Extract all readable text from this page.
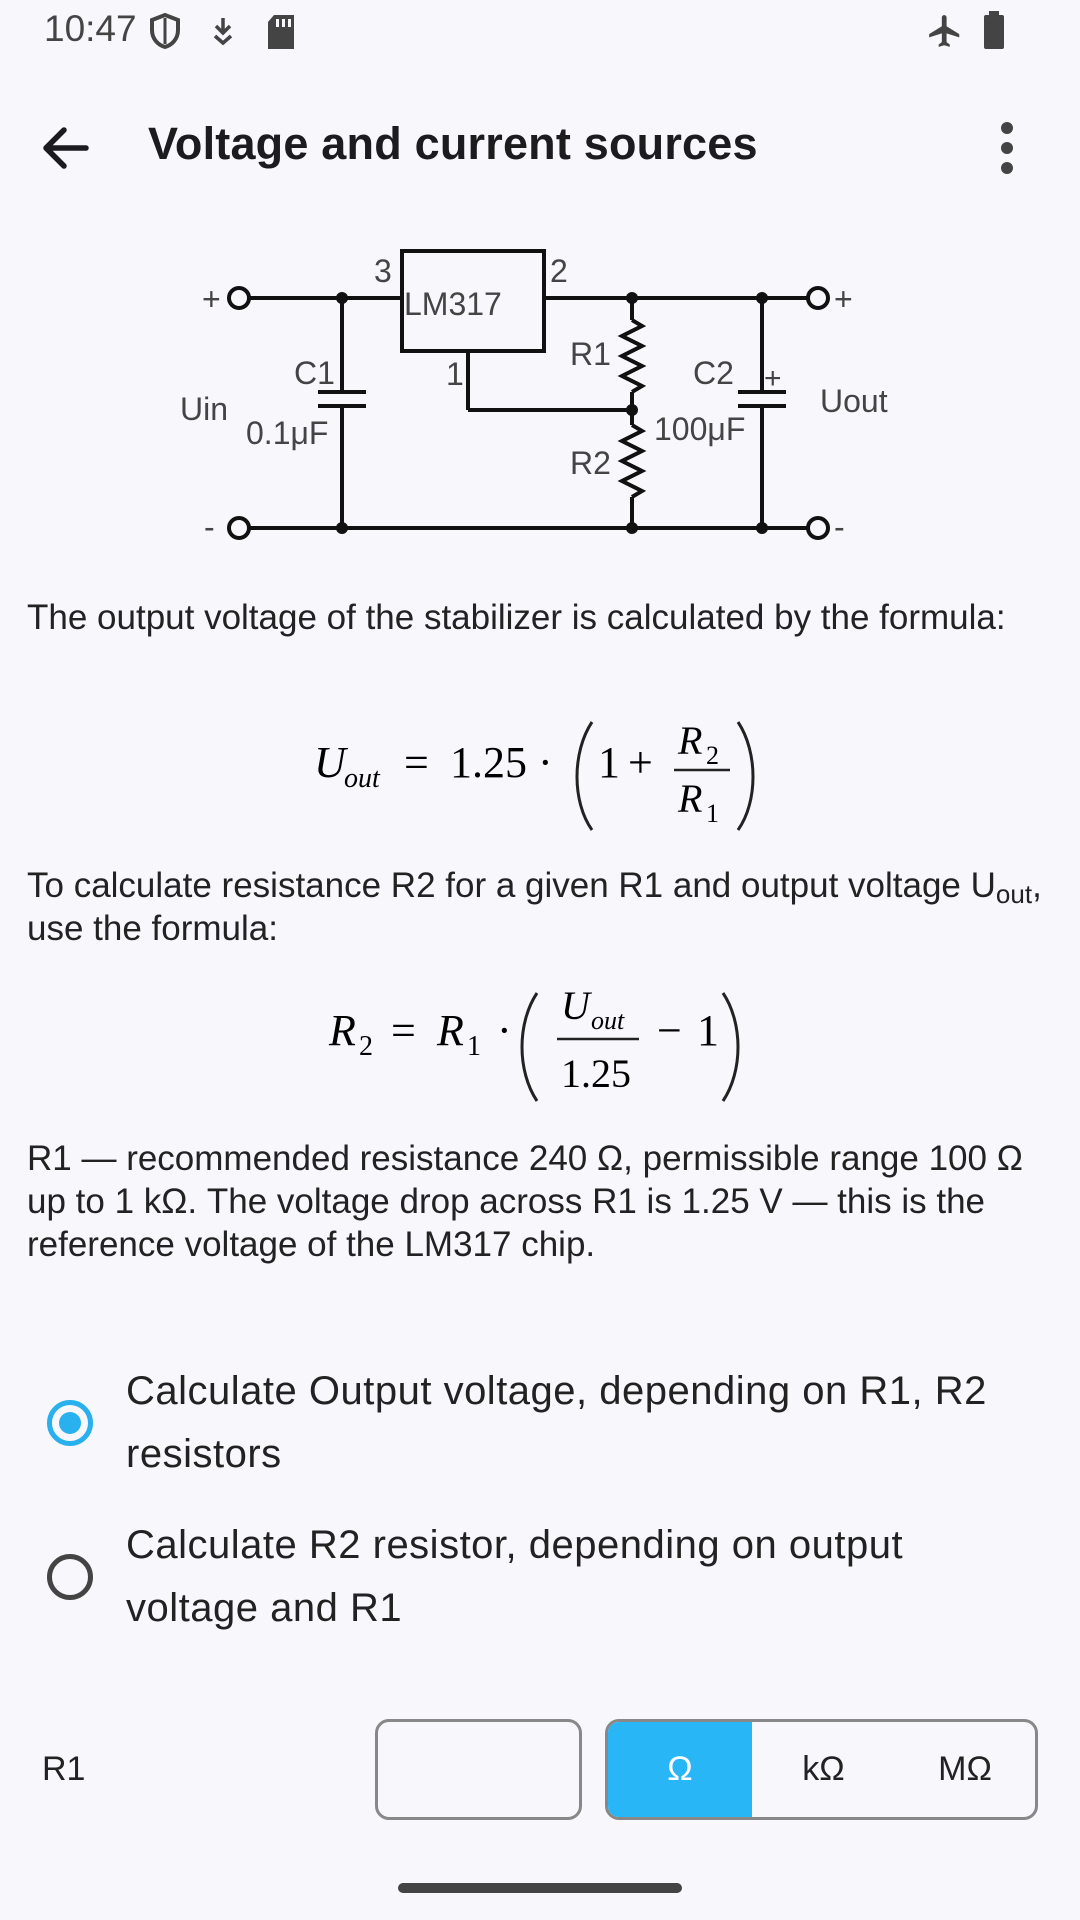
10:47
Voltage and current sources
LM317
3	2
1
C1
0.1μF
R1
R2
C2
100μF
+
Uin	Uout
+
-
+
-
The output voltage of the stabilizer is calculated by the formula:
U
out = 1.25 · 1 + R 2
R 1
To calculate resistance R2 for a given R1 and output voltage $U_{out}$, use the formula:
R 2 = R 1 ·
U out
1.25
− 1
R1 — recommended resistance 240 Ω, permissible range 100 Ω up to 1 kΩ. The voltage drop across R1 is 1.25 V — this is the reference voltage of the LM317 chip.
Calculate Output voltage, depending on R1, R2 resistors
Calculate R2 resistor, depending on output voltage and R1
R1	Ω	kΩ	MΩ
